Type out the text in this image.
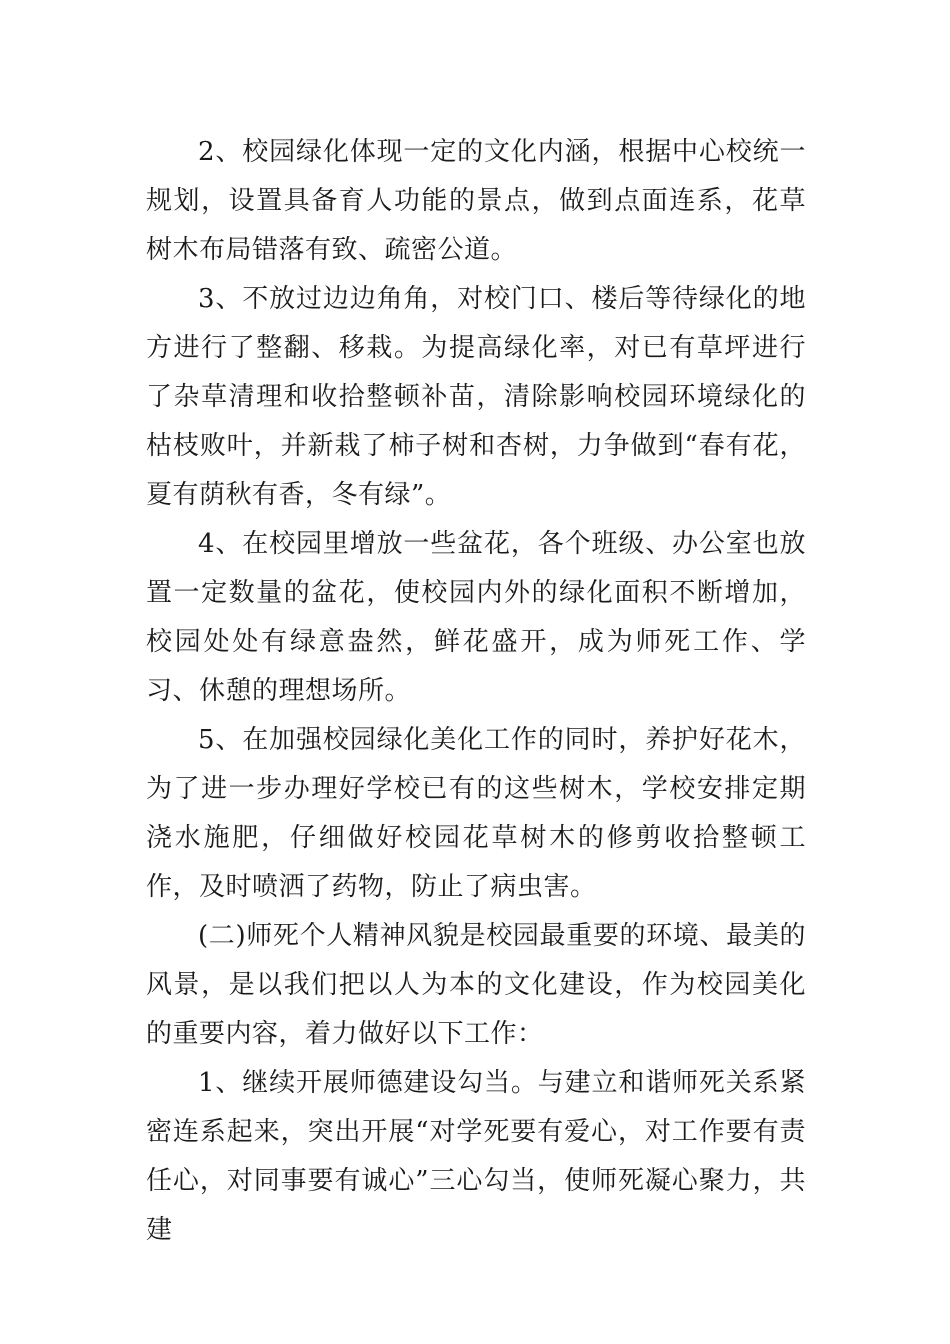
2、校园绿化体现一定的文化内涵，根据中心校统一规划，设置具备育人功能的景点，做到点面连系，花草树木布局错落有致、疏密公道。

3、不放过边边角角，对校门口、楼后等待绿化的地方进行了整翻、移栽。为提高绿化率，对已有草坪进行了杂草清理和收拾整顿补苗，清除影响校园环境绿化的枯枝败叶，并新栽了柿子树和杏树，力争做到“春有花，夏有荫秋有香，冬有绿”。

4、在校园里增放一些盆花，各个班级、办公室也放置一定数量的盆花，使校园内外的绿化面积不断增加，校园处处有绿意盎然，鲜花盛开，成为师死工作、学习、休憩的理想场所。

5、在加强校园绿化美化工作的同时，养护好花木，为了进一步办理好学校已有的这些树木，学校安排定期浇水施肥，仔细做好校园花草树木的修剪收拾整顿工作，及时喷洒了药物，防止了病虫害。

(二)师死个人精神风貌是校园最重要的环境、最美的风景，是以我们把以人为本的文化建设，作为校园美化的重要内容，着力做好以下工作：

1、继续开展师德建设勾当。与建立和谐师死关系紧密连系起来，突出开展“对学死要有爱心，对工作要有责任心，对同事要有诚心”三心勾当，使师死凝心聚力，共建
